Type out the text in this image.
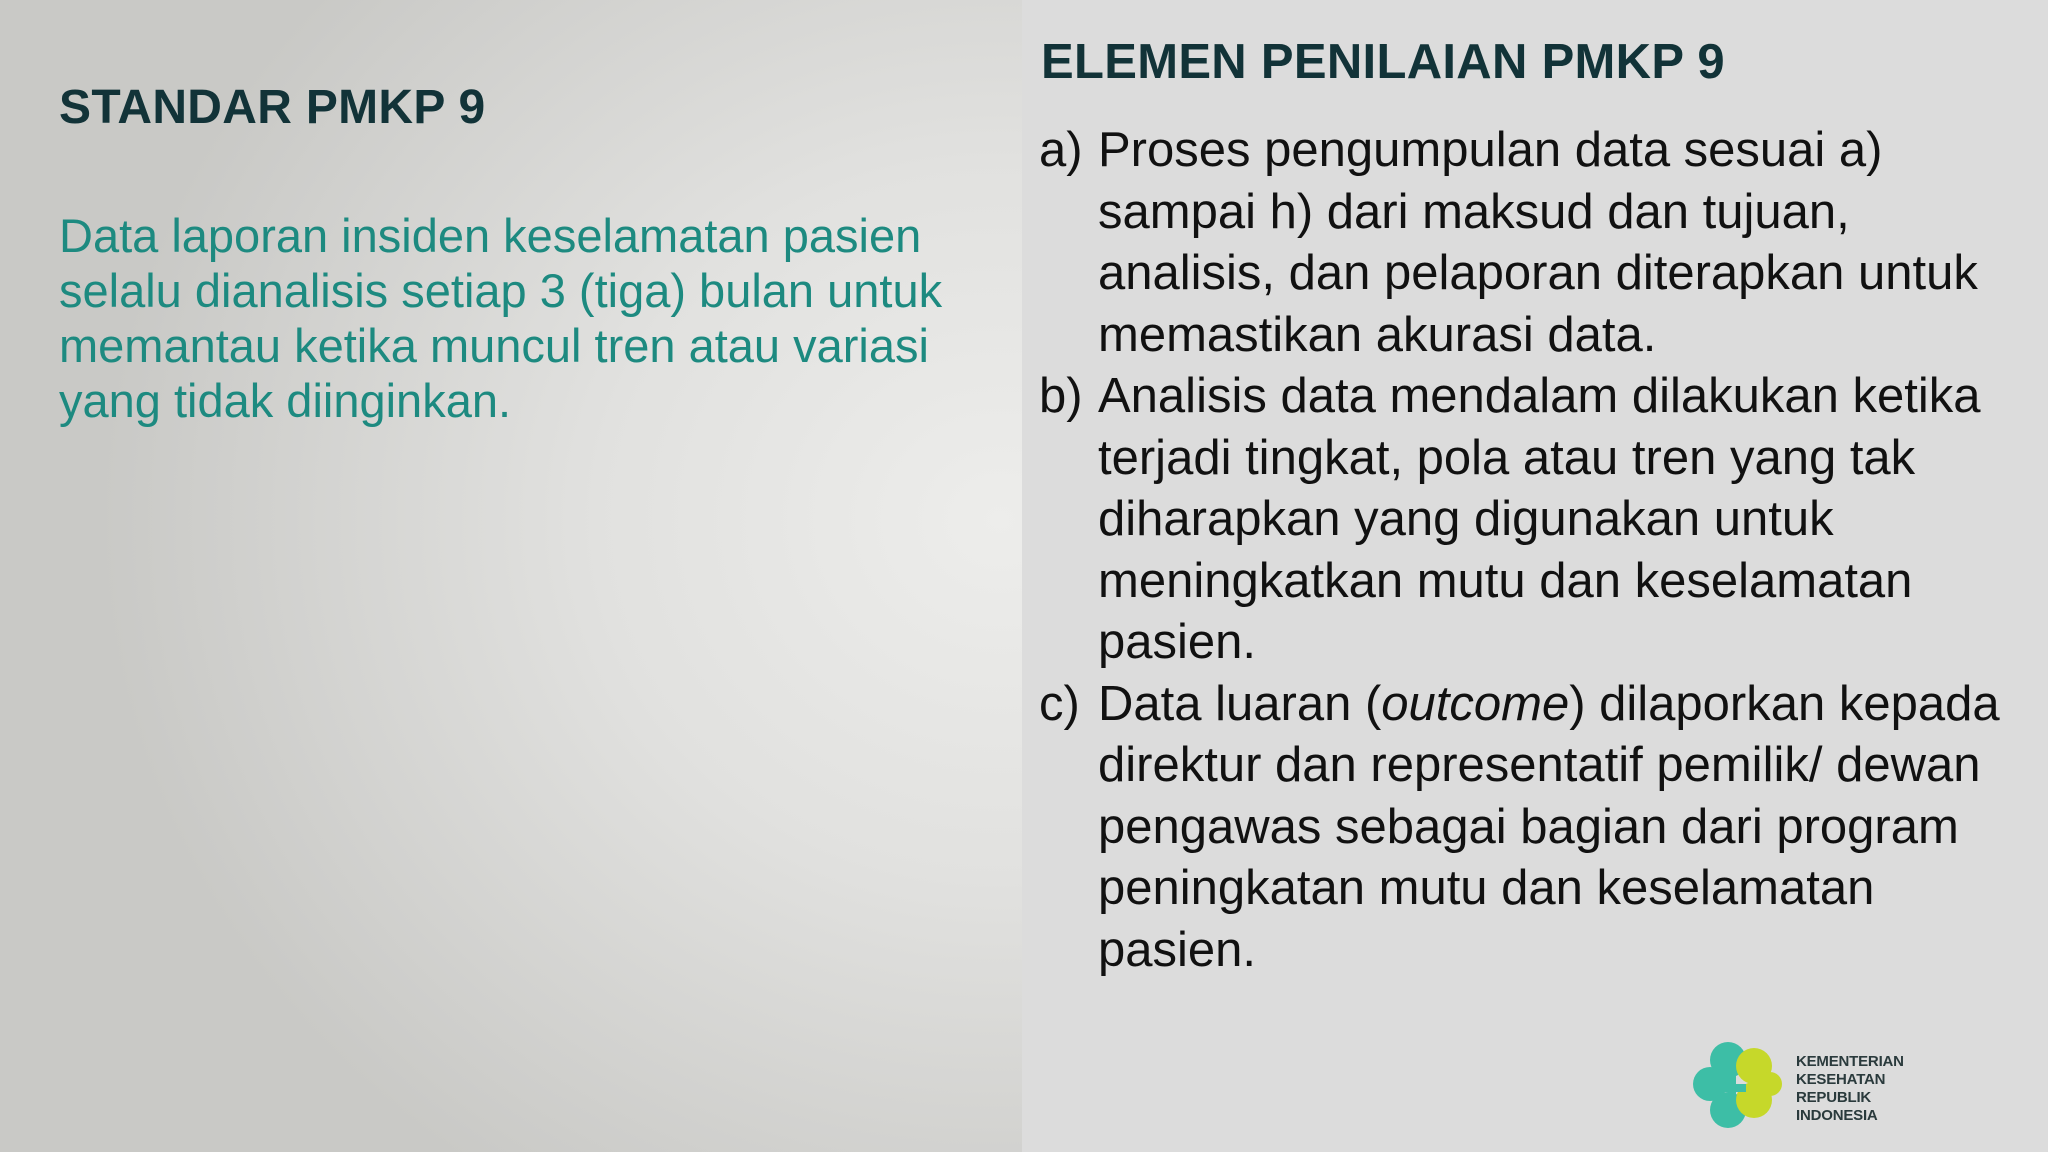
STANDAR PMKP 9

Data laporan insiden keselamatan pasien selalu dianalisis setiap 3 (tiga) bulan untuk memantau ketika muncul tren atau variasi yang tidak diinginkan.

ELEMEN PENILAIAN PMKP 9
a) Proses pengumpulan data sesuai a) sampai h) dari maksud dan tujuan, analisis, dan pelaporan diterapkan untuk memastikan akurasi data.
b) Analisis data mendalam dilakukan ketika terjadi tingkat, pola atau tren yang tak diharapkan yang digunakan untuk meningkatkan mutu dan keselamatan pasien.
c) Data luaran (outcome) dilaporkan kepada direktur dan representatif pemilik/ dewan pengawas sebagai bagian dari program peningkatan mutu dan keselamatan pasien.
KEMENTERIAN
KESEHATAN
REPUBLIK
INDONESIA
